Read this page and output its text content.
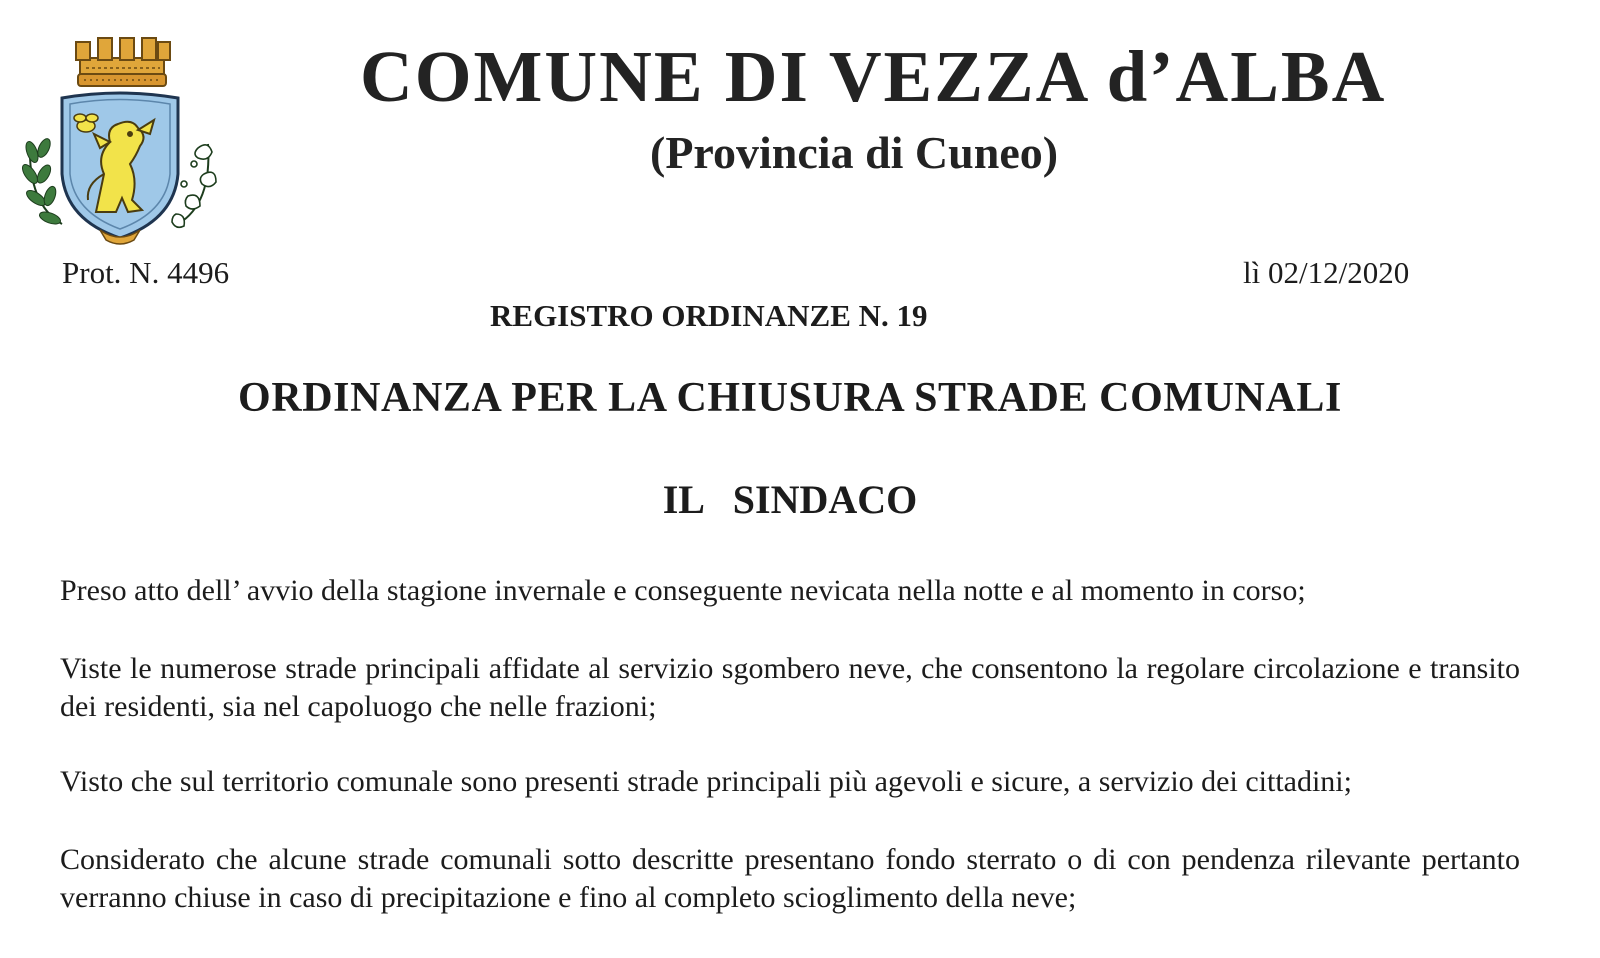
COMUNE DI VEZZA d’ALBA
(Provincia di Cuneo)
Prot. N. 4496	lì 02/12/2020
REGISTRO ORDINANZE N. 19
ORDINANZA PER LA CHIUSURA STRADE COMUNALI
IL   SINDACO

Preso atto dell’ avvio della stagione invernale e conseguente nevicata nella notte e al momento in corso;

Viste le numerose strade principali affidate al servizio sgombero neve, che consentono la regolare circolazione e transito dei residenti, sia nel capoluogo che nelle frazioni;

Visto che sul territorio comunale sono presenti strade principali più agevoli e sicure, a servizio dei cittadini;

Considerato che alcune strade comunali sotto descritte presentano fondo sterrato o di con pendenza rilevante pertanto verranno chiuse in caso di precipitazione e fino al completo scioglimento della neve;
